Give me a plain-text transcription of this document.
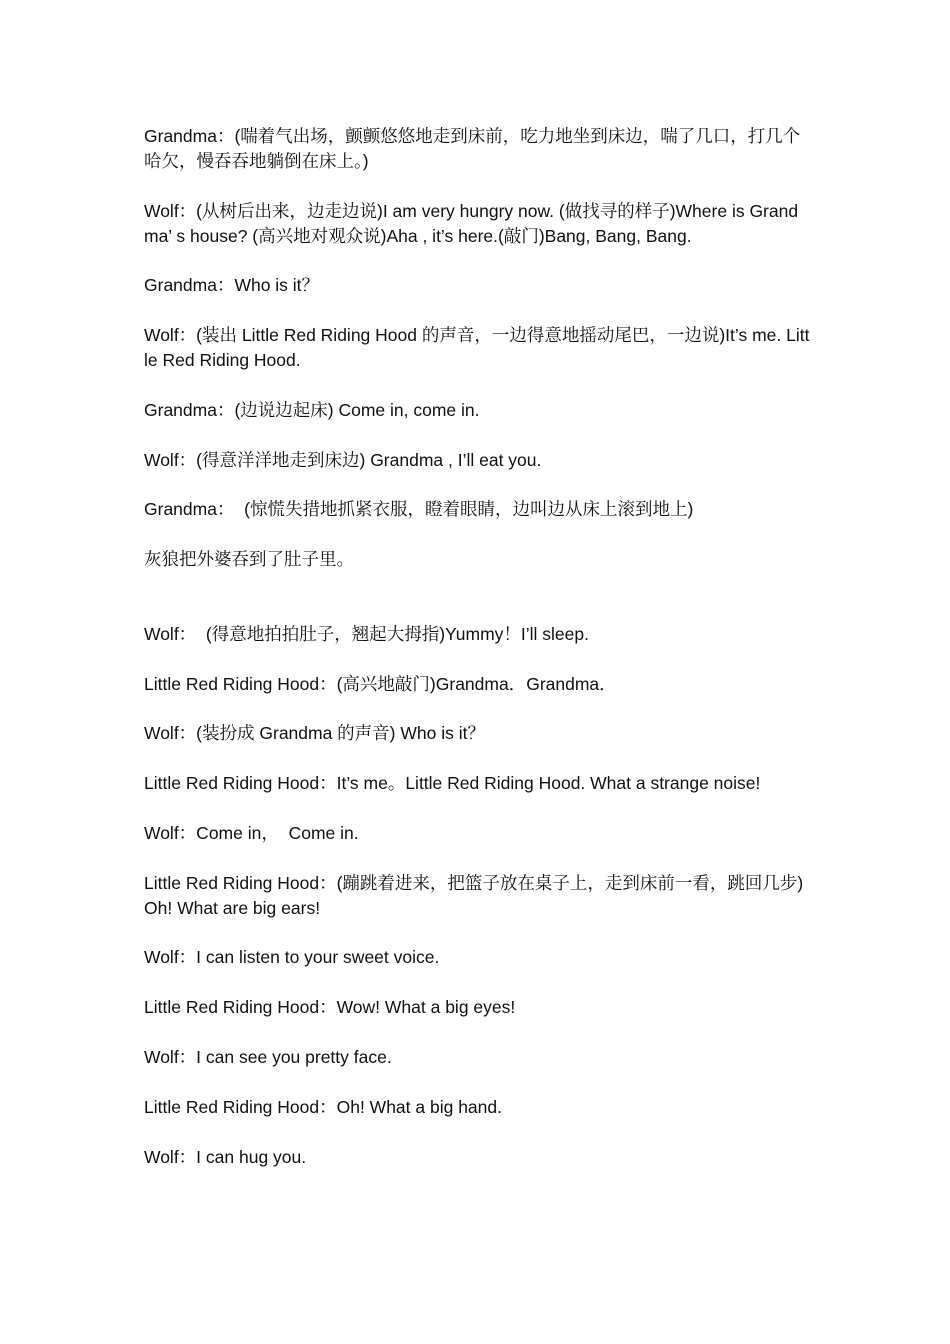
Grandma：(喘着气出场，颤颤悠悠地走到床前，吃力地坐到床边，喘了几口，打几个哈欠，慢吞吞地躺倒在床上。)

Wolf：(从树后出来，边走边说)I am very hungry now. (做找寻的样子)Where is Grandma’ s house? (高兴地对观众说)Aha , it’s here.(敲门)Bang, Bang, Bang.

Grandma：Who is it？

Wolf：(装出 Little Red Riding Hood 的声音，一边得意地摇动尾巴，一边说)It’s me. Little Red Riding Hood.

Grandma：(边说边起床) Come in, come in.

Wolf：(得意洋洋地走到床边) Grandma , I’ll eat you.

Grandma：  (惊慌失措地抓紧衣服，瞪着眼睛，边叫边从床上滚到地上)

灰狼把外婆吞到了肚子里。

Wolf：  (得意地拍拍肚子，翘起大拇指)Yummy！I’ll sleep.

Little Red Riding Hood：(高兴地敲门)Grandma．Grandma．

Wolf：(装扮成 Grandma 的声音) Who is it？

Little Red Riding Hood：It’s me。Little Red Riding Hood. What a strange noise!

Wolf：Come in，  Come in.

Little Red Riding Hood：(蹦跳着进来，把篮子放在桌子上，走到床前一看，跳回几步)Oh! What are big ears!

Wolf：I can listen to your sweet voice.

Little Red Riding Hood：Wow! What a big eyes!

Wolf：I can see you pretty face.

Little Red Riding Hood：Oh! What a big hand.

Wolf：I can hug you.
